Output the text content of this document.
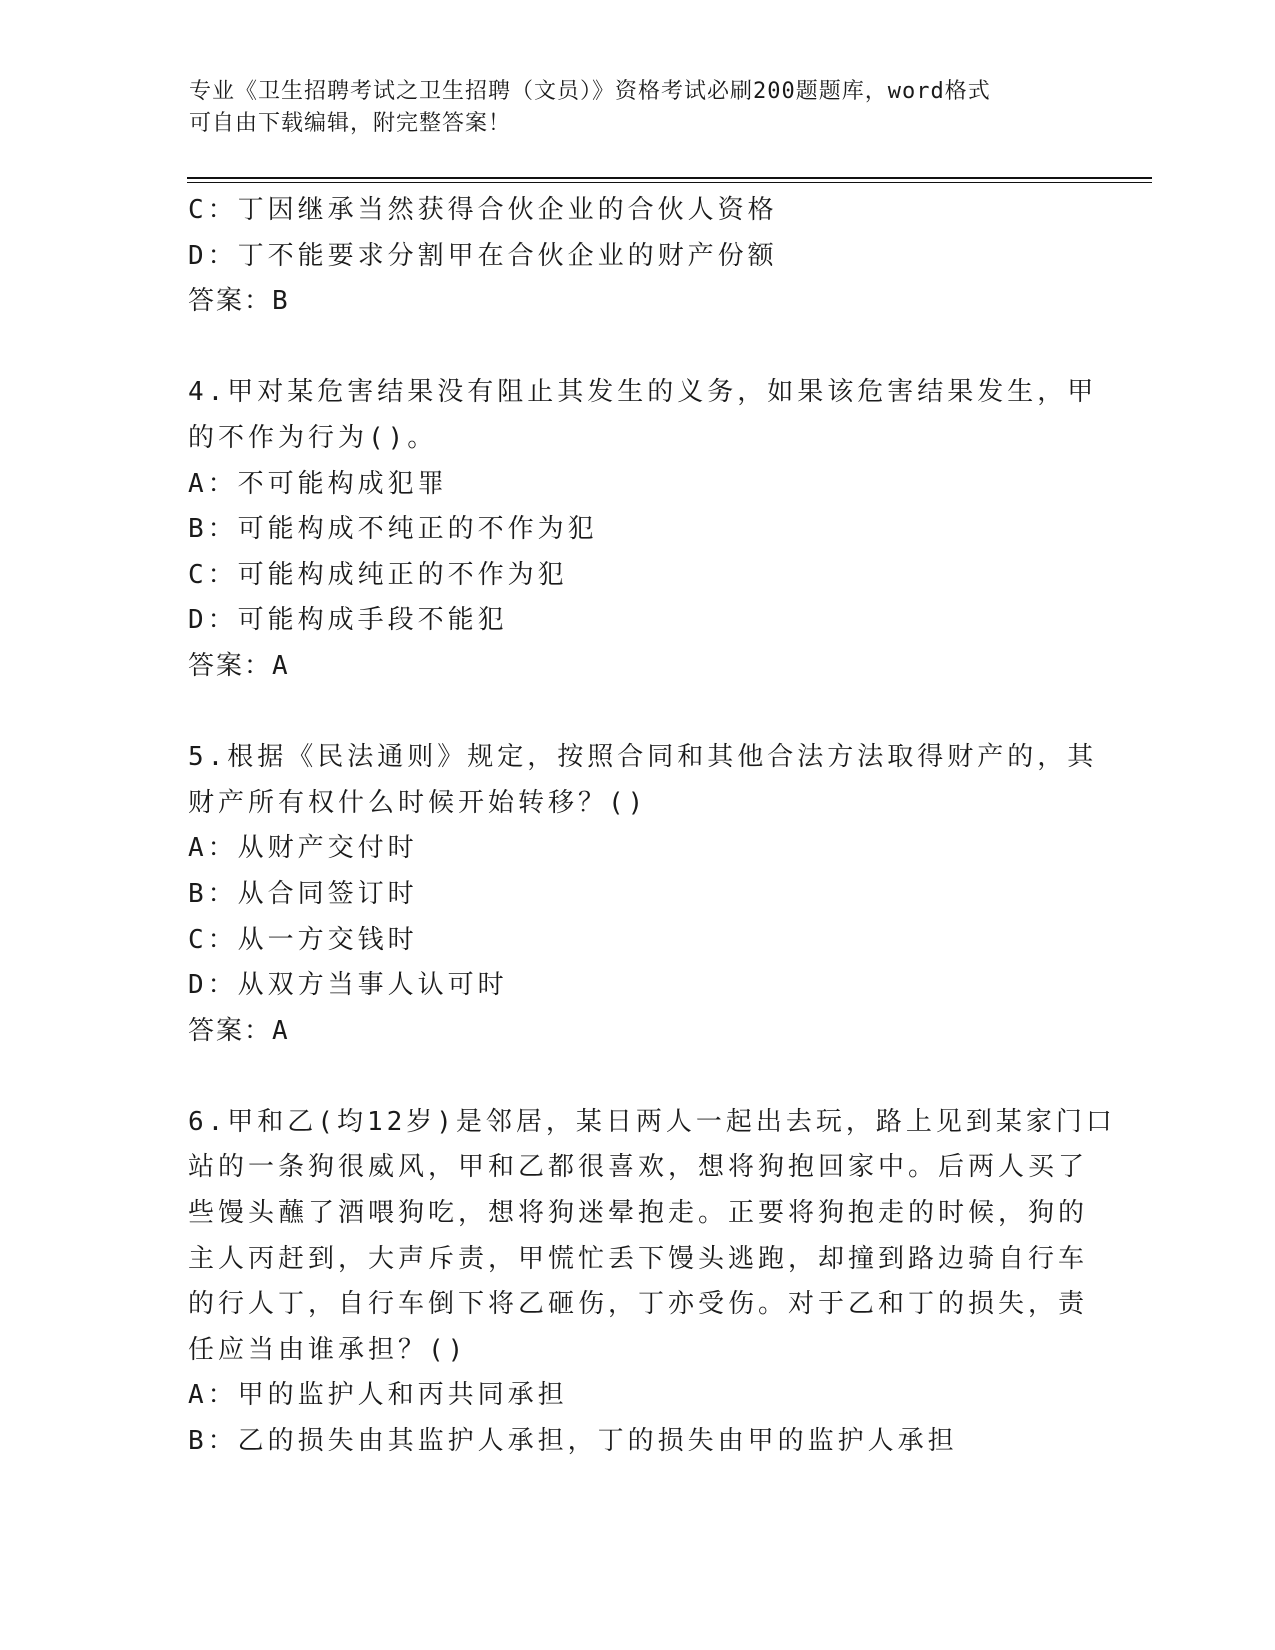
专业《卫生招聘考试之卫生招聘（文员）》资格考试必刷200题题库，word格式
可自由下载编辑，附完整答案！
C：丁因继承当然获得合伙企业的合伙人资格
D：丁不能要求分割甲在合伙企业的财产份额
答案：B
4.甲对某危害结果没有阻止其发生的义务，如果该危害结果发生，甲
的不作为行为()。
A：不可能构成犯罪
B：可能构成不纯正的不作为犯
C：可能构成纯正的不作为犯
D：可能构成手段不能犯
答案：A
5.根据《民法通则》规定，按照合同和其他合法方法取得财产的，其
财产所有权什么时候开始转移？()
A：从财产交付时
B：从合同签订时
C：从一方交钱时
D：从双方当事人认可时
答案：A
6.甲和乙(均12岁)是邻居，某日两人一起出去玩，路上见到某家门口
站的一条狗很威风，甲和乙都很喜欢，想将狗抱回家中。后两人买了
些馒头蘸了酒喂狗吃，想将狗迷晕抱走。正要将狗抱走的时候，狗的
主人丙赶到，大声斥责，甲慌忙丢下馒头逃跑，却撞到路边骑自行车
的行人丁，自行车倒下将乙砸伤，丁亦受伤。对于乙和丁的损失，责
任应当由谁承担？()
A：甲的监护人和丙共同承担
B：乙的损失由其监护人承担，丁的损失由甲的监护人承担
